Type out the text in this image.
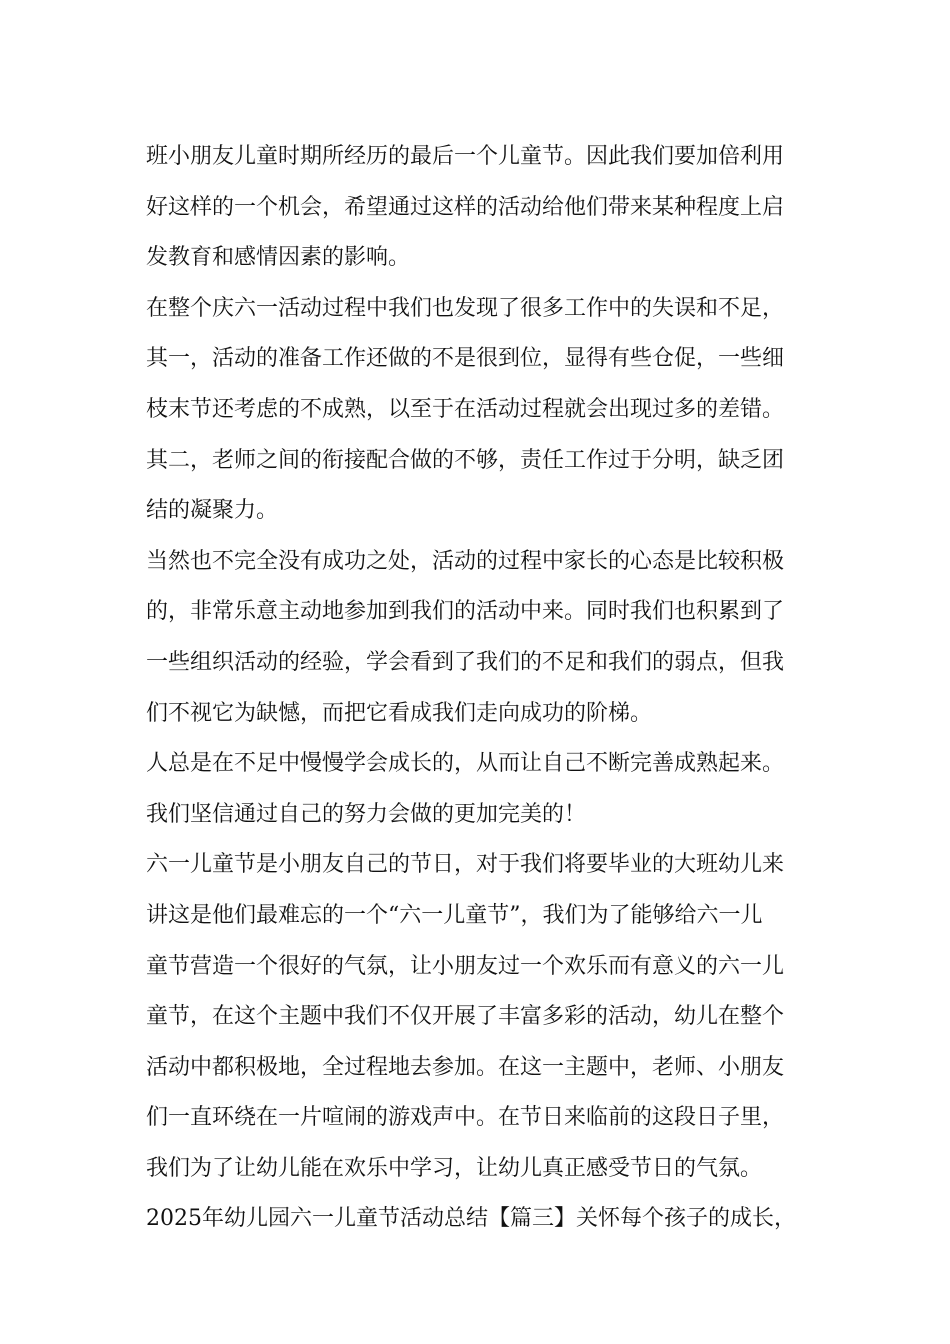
班小朋友儿童时期所经历的最后一个儿童节。因此我们要加倍利用
好这样的一个机会，希望通过这样的活动给他们带来某种程度上启
发教育和感情因素的影响。

在整个庆六一活动过程中我们也发现了很多工作中的失误和不足，
其一，活动的准备工作还做的不是很到位，显得有些仓促，一些细
枝末节还考虑的不成熟，以至于在活动过程就会出现过多的差错。
其二，老师之间的衔接配合做的不够，责任工作过于分明，缺乏团
结的凝聚力。

当然也不完全没有成功之处，活动的过程中家长的心态是比较积极
的，非常乐意主动地参加到我们的活动中来。同时我们也积累到了
一些组织活动的经验，学会看到了我们的不足和我们的弱点，但我
们不视它为缺憾，而把它看成我们走向成功的阶梯。

人总是在不足中慢慢学会成长的，从而让自己不断完善成熟起来。
我们坚信通过自己的努力会做的更加完美的！

六一儿童节是小朋友自己的节日，对于我们将要毕业的大班幼儿来
讲这是他们最难忘的一个“六一儿童节”，我们为了能够给六一儿
童节营造一个很好的气氛，让小朋友过一个欢乐而有意义的六一儿
童节，在这个主题中我们不仅开展了丰富多彩的活动，幼儿在整个
活动中都积极地，全过程地去参加。在这一主题中，老师、小朋友
们一直环绕在一片喧闹的游戏声中。在节日来临前的这段日子里，
我们为了让幼儿能在欢乐中学习，让幼儿真正感受节日的气氛。

2025年幼儿园六一儿童节活动总结【篇三】关怀每个孩子的成长，
